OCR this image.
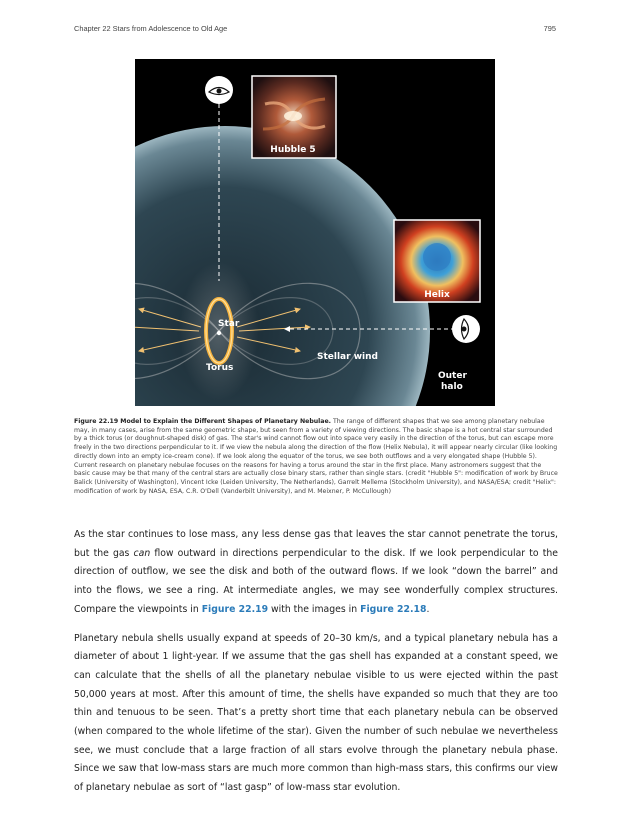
Chapter 22 Stars from Adolescence to Old Age	795
Hubble 5
Helix
Star
Torus
Stellar wind
Outer
halo
Figure 22.19 Model to Explain the Different Shapes of Planetary Nebulae. The range of different shapes that we see among planetary nebulae may, in many cases, arise from the same geometric shape, but seen from a variety of viewing directions. The basic shape is a hot central star surrounded by a thick torus (or doughnut-shaped disk) of gas. The star's wind cannot flow out into space very easily in the direction of the torus, but can escape more freely in the two directions perpendicular to it. If we view the nebula along the direction of the flow (Helix Nebula), it will appear nearly circular (like looking directly down into an empty ice-cream cone). If we look along the equator of the torus, we see both outflows and a very elongated shape (Hubble 5). Current research on planetary nebulae focuses on the reasons for having a torus around the star in the first place. Many astronomers suggest that the basic cause may be that many of the central stars are actually close binary stars, rather than single stars. (credit "Hubble 5": modification of work by Bruce Balick (University of Washington), Vincent Icke (Leiden University, The Netherlands), Garrelt Mellema (Stockholm University), and NASA/ESA; credit "Helix": modification of work by NASA, ESA, C.R. O'Dell (Vanderbilt University), and M. Meixner, P. McCullough)

As the star continues to lose mass, any less dense gas that leaves the star cannot penetrate the torus, but the gas can flow outward in directions perpendicular to the disk. If we look perpendicular to the direction of outflow, we see the disk and both of the outward flows. If we look “down the barrel” and into the flows, we see a ring. At intermediate angles, we may see wonderfully complex structures. Compare the viewpoints in Figure 22.19 with the images in Figure 22.18.

Planetary nebula shells usually expand at speeds of 20–30 km/s, and a typical planetary nebula has a diameter of about 1 light-year. If we assume that the gas shell has expanded at a constant speed, we can calculate that the shells of all the planetary nebulae visible to us were ejected within the past 50,000 years at most. After this amount of time, the shells have expanded so much that they are too thin and tenuous to be seen. That’s a pretty short time that each planetary nebula can be observed (when compared to the whole lifetime of the star). Given the number of such nebulae we nevertheless see, we must conclude that a large fraction of all stars evolve through the planetary nebula phase. Since we saw that low-mass stars are much more common than high-mass stars, this confirms our view of planetary nebulae as sort of “last gasp” of low-mass star evolution.
